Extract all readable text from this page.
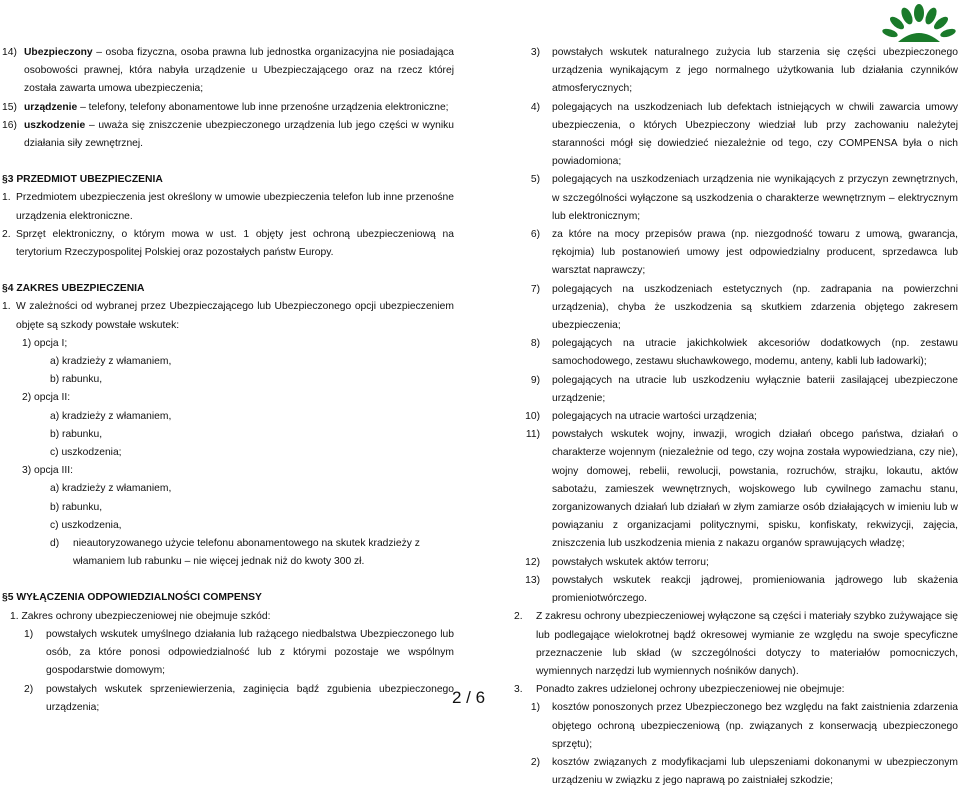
14) Ubezpieczony – osoba fizyczna, osoba prawna lub jednostka organizacyjna nie posiadająca osobowości prawnej, która nabyła urządzenie u Ubezpieczającego oraz na rzecz której została zawarta umowa ubezpieczenia;
15) urządzenie – telefony, telefony abonamentowe lub inne przenośne urządzenia elektroniczne;
16) uszkodzenie – uważa się zniszczenie ubezpieczonego urządzenia lub jego części w wyniku działania siły zewnętrznej.

§3 PRZEDMIOT UBEZPIECZENIA

1. Przedmiotem ubezpieczenia jest określony w umowie ubezpieczenia telefon lub inne przenośne urządzenia elektroniczne.
2. Sprzęt elektroniczny, o którym mowa w ust. 1 objęty jest ochroną ubezpieczeniową na terytorium Rzeczypospolitej Polskiej oraz pozostałych państw Europy.

§4 ZAKRES UBEZPIECZENIA

1. W zależności od wybranej przez Ubezpieczającego lub Ubezpieczonego opcji ubezpieczeniem objęte są szkody powstałe wskutek:
1) opcja I;
a) kradzieży z włamaniem,
b) rabunku,
2) opcja II:
a) kradzieży z włamaniem,
b) rabunku,
c) uszkodzenia;
3) opcja III:
a) kradzieży z włamaniem,
b) rabunku,
c) uszkodzenia,
d)	nieautoryzowanego użycie telefonu abonamentowego na skutek kradzieży z włamaniem lub rabunku – nie więcej jednak niż do kwoty 300 zł.

§5 WYŁĄCZENIA ODPOWIEDZIALNOŚCI COMPENSY

1. Zakres ochrony ubezpieczeniowej nie obejmuje szkód:
1)	powstałych wskutek umyślnego działania lub rażącego niedbalstwa Ubezpieczonego lub osób, za które ponosi odpowiedzialność lub z którymi pozostaje we wspólnym gospodarstwie domowym;
2)	powstałych wskutek sprzeniewierzenia, zaginięcia bądź zgubienia ubezpieczonego urządzenia;
3)	powstałych wskutek naturalnego zużycia lub starzenia się części ubezpieczonego urządzenia wynikającym z jego normalnego użytkowania lub działania czynników atmosferycznych;
4)	polegających na uszkodzeniach lub defektach istniejących w chwili zawarcia umowy ubezpieczenia, o których Ubezpieczony wiedział lub przy zachowaniu należytej staranności mógł się dowiedzieć niezależnie od tego, czy COMPENSA była o nich powiadomiona;
5)	polegających na uszkodzeniach urządzenia nie wynikających z przyczyn zewnętrznych, w szczególności wyłączone są uszkodzenia o charakterze wewnętrznym – elektrycznym lub elektronicznym;
6)	za które na mocy przepisów prawa (np. niezgodność towaru z umową, gwarancja, rękojmia) lub postanowień umowy jest odpowiedzialny producent, sprzedawca lub warsztat naprawczy;
7)	polegających na uszkodzeniach estetycznych (np. zadrapania na powierzchni urządzenia), chyba że uszkodzenia są skutkiem zdarzenia objętego zakresem ubezpieczenia;
8)	polegających na utracie jakichkolwiek akcesoriów dodatkowych (np. zestawu samochodowego, zestawu słuchawkowego, modemu, anteny, kabli lub ładowarki);
9)	polegających na utracie lub uszkodzeniu wyłącznie baterii zasilającej ubezpieczone urządzenie;
10)	polegających na utracie wartości urządzenia;
11)	powstałych wskutek wojny, inwazji, wrogich działań obcego państwa, działań o charakterze wojennym (niezależnie od tego, czy wojna została wypowiedziana, czy nie), wojny domowej, rebelii, rewolucji, powstania, rozruchów, strajku, lokautu, aktów sabotażu, zamieszek wewnętrznych, wojskowego lub cywilnego zamachu stanu, zorganizowanych działań lub działań w złym zamiarze osób działających w imieniu lub w powiązaniu z organizacjami politycznymi, spisku, konfiskaty, rekwizycji, zajęcia, zniszczenia lub uszkodzenia mienia z nakazu organów sprawujących władzę;
12)	powstałych wskutek aktów terroru;
13)	powstałych wskutek reakcji jądrowej, promieniowania jądrowego lub skażenia promieniotwórczego.
2.	Z zakresu ochrony ubezpieczeniowej wyłączone są części i materiały szybko zużywające się lub podlegające wielokrotnej bądź okresowej wymianie ze względu na swoje specyficzne przeznaczenie lub skład (w szczególności dotyczy to materiałów pomocniczych, wymiennych narzędzi lub wymiennych nośników danych).
3.	Ponadto zakres udzielonej ochrony ubezpieczeniowej nie obejmuje:
1)	kosztów ponoszonych przez Ubezpieczonego bez względu na fakt zaistnienia zdarzenia objętego ochroną ubezpieczeniową (np. związanych z konserwacją ubezpieczonego sprzętu);
2)	kosztów związanych z modyfikacjami lub ulepszeniami dokonanymi w ubezpieczonym urządzeniu w związku z jego naprawą po zaistniałej szkodzie;
2 / 6
